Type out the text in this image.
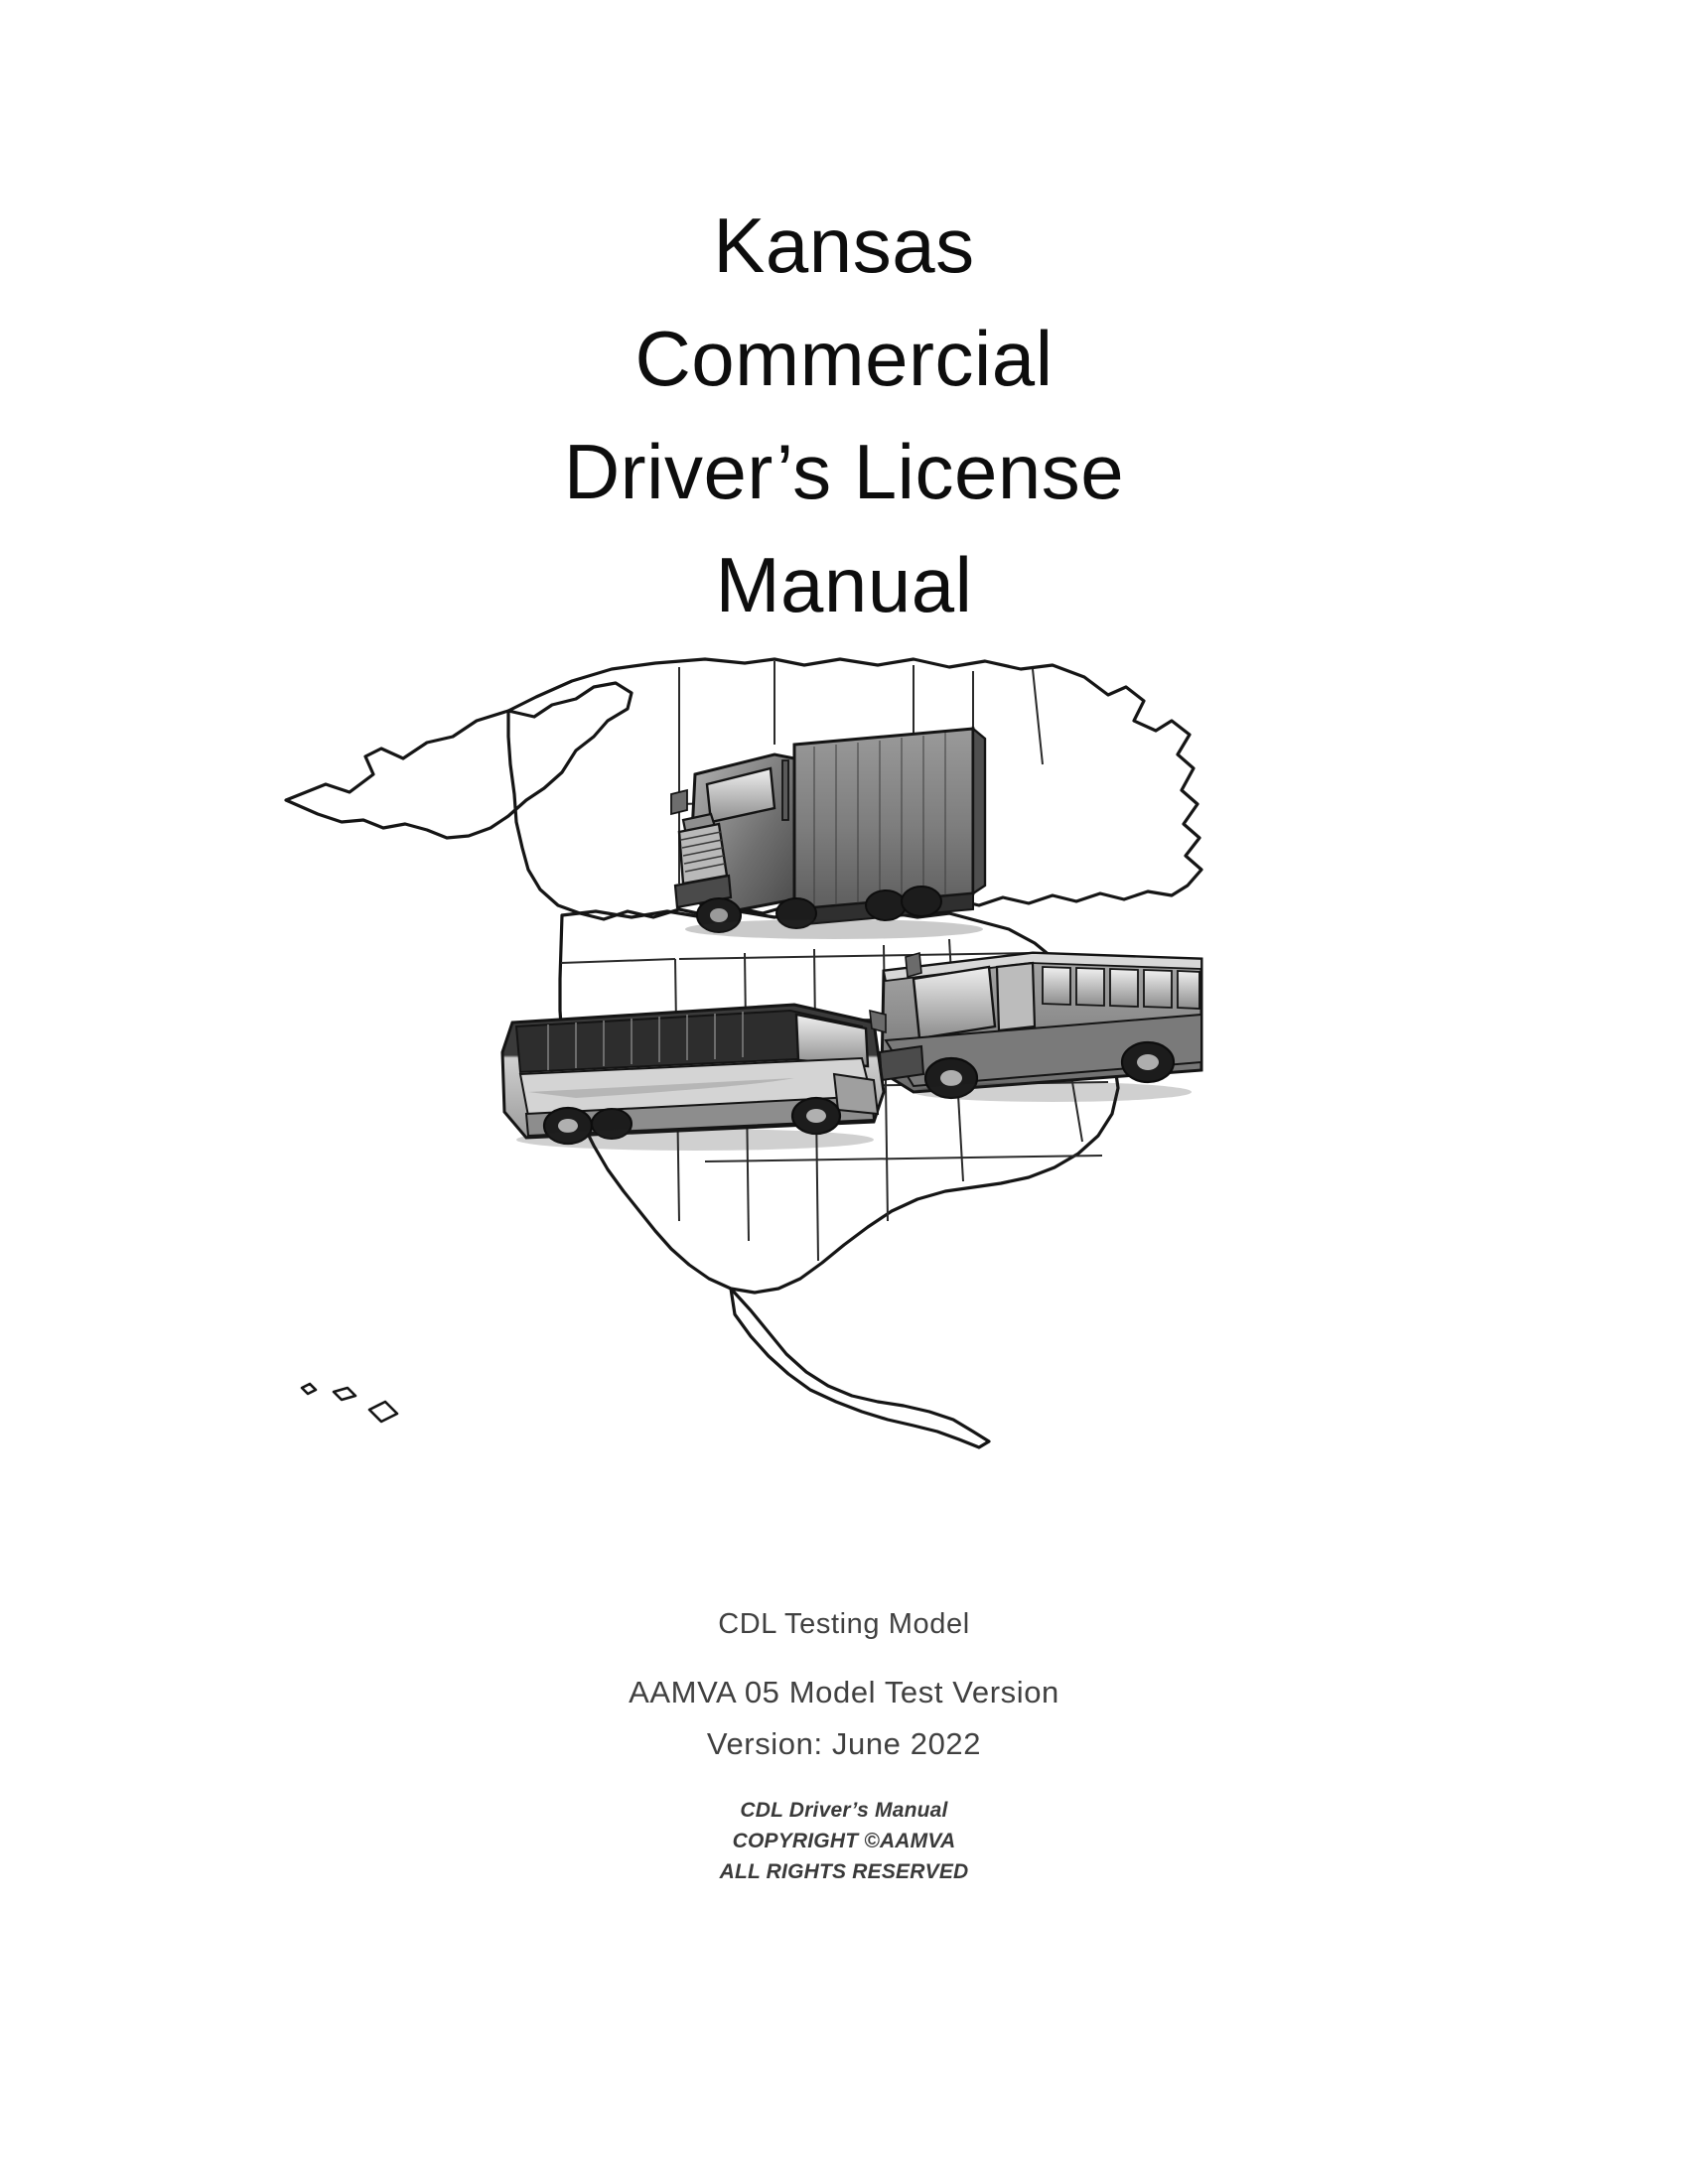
Kansas
Commercial
Driver’s License
Manual
CDL Testing Model
AAMVA 05 Model Test Version
Version: June 2022
CDL Driver’s Manual
COPYRIGHT ©AAMVA
ALL RIGHTS RESERVED
